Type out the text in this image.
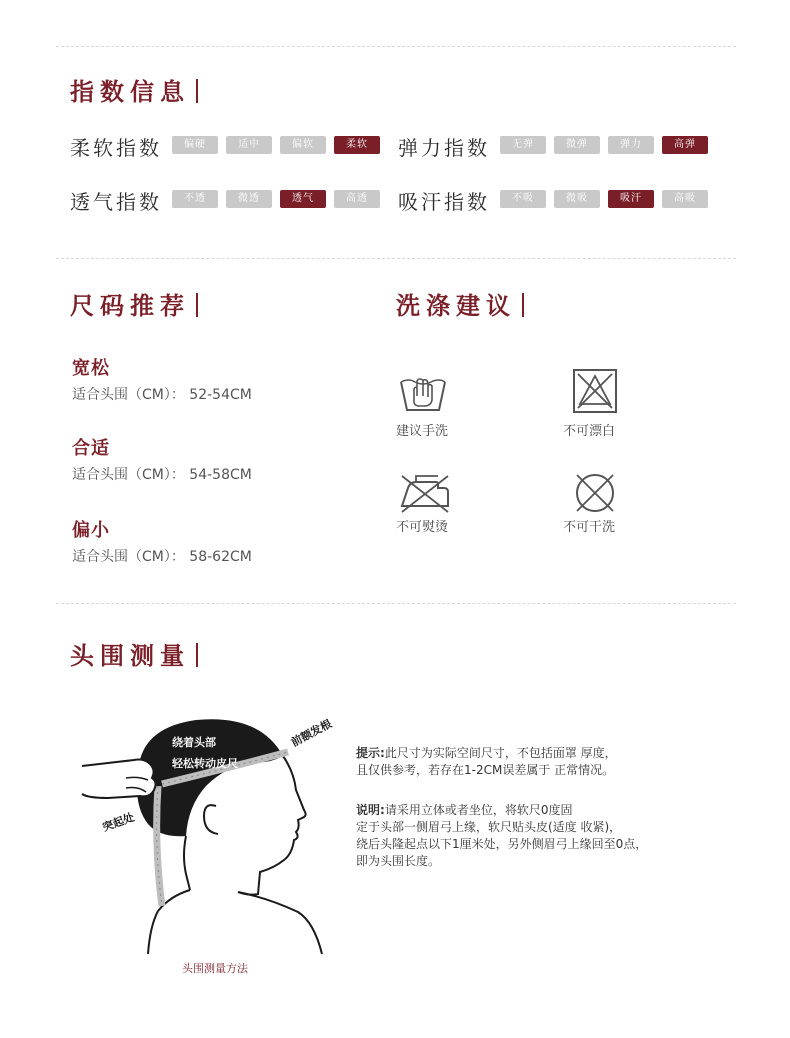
指数信息
柔软指数	偏硬	适中	偏软	柔软	弹力指数	无弹	微弹	弹力	高弹
透气指数	不透	微透	透气	高透	吸汗指数	不吸	微吸	吸汗	高吸
尺码推荐
宽松
适合头围（CM）： 52-54CM
合适
适合头围（CM）： 54-58CM
偏小
适合头围（CM）： 58-62CM
洗涤建议
建议手洗	不可漂白
不可熨烫	不可干洗
头围测量
绕着头部
轻松转动皮尺
前额发根
突起处
头围测量方法
提示:此尺寸为实际空间尺寸，不包括面罩 厚度，
且仅供参考，若存在1-2CM误差属于 正常情况。
说明:请采用立体或者坐位，将软尺0度固
定于头部一侧眉弓上缘，软尺贴头皮(适度 收紧)，
绕后头隆起点以下1厘米处，另外侧眉弓上缘回至0点，
即为头围长度。
